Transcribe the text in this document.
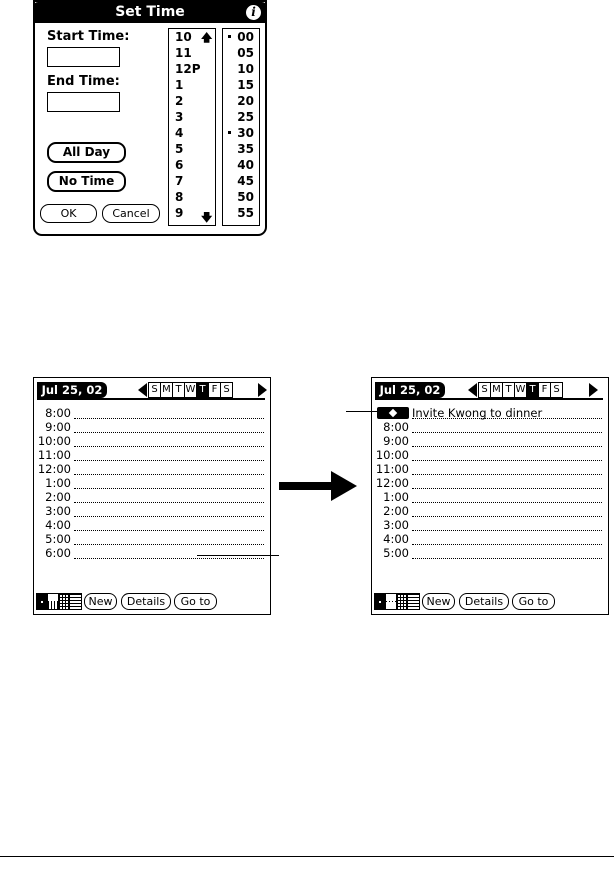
Set Time	i
Start Time:
End Time:
All Day
No Time
OK	Cancel
10
11
12P
1
2
3
4
5
6
7
8
9
🡅
🡇
00
05
10
15
20
25
30
35
40
45
50
55
Jul 25, 02	S M T W T F S
8:00
9:00
10:00
11:00
12:00
1:00
2:00
3:00
4:00
5:00
6:00
New	Details	Go to
Jul 25, 02	S M T W T F S
Invite Kwong to dinner
8:00
9:00
10:00
11:00
12:00
1:00
2:00
3:00
4:00
5:00
New	Details	Go to
